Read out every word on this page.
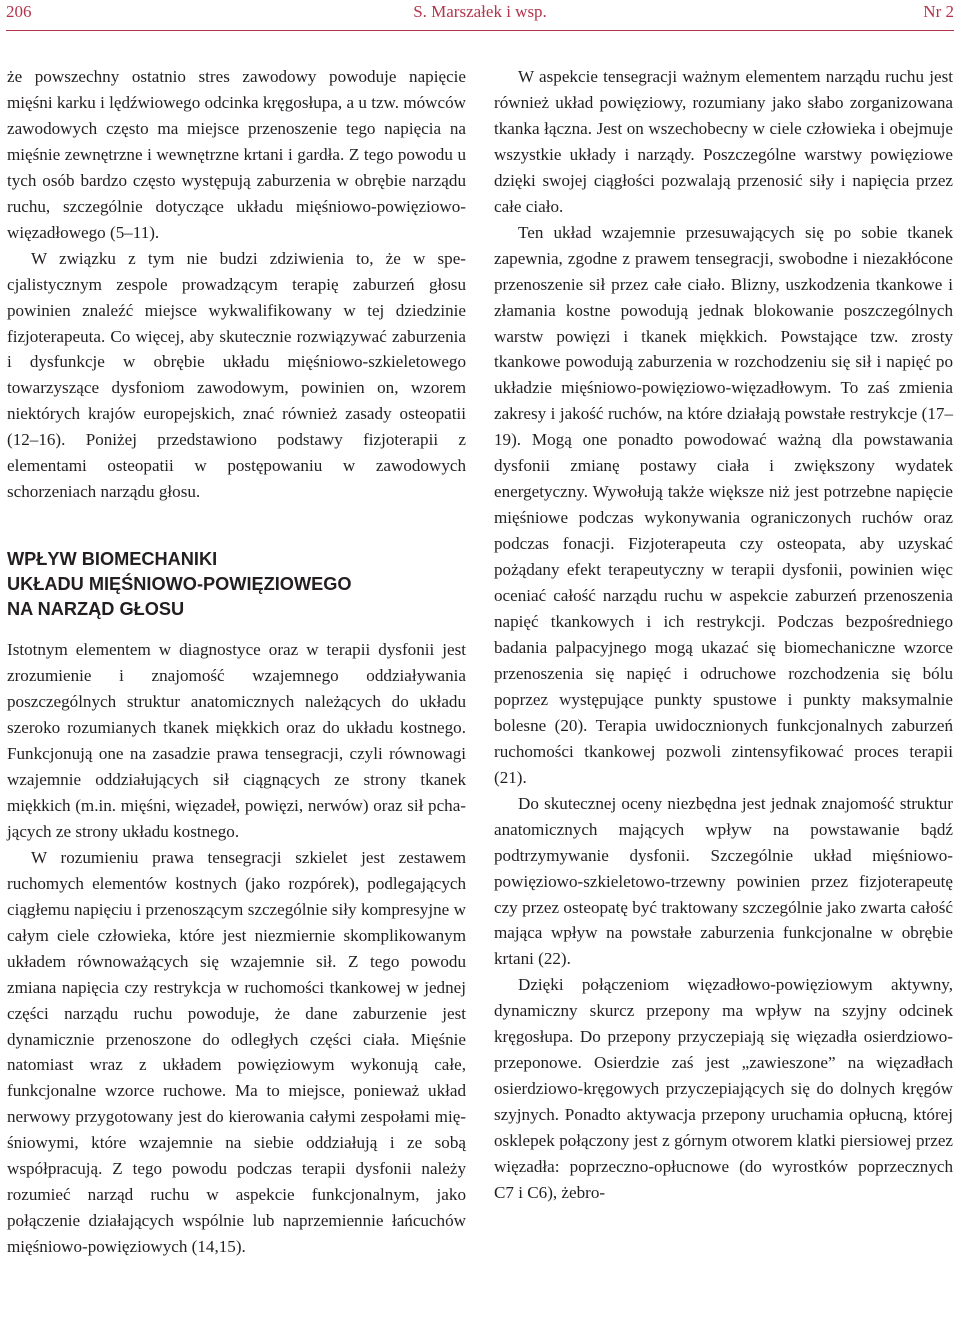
206	S. Marszałek i wsp.	Nr 2

że powszechny ostatnio stres zawodowy powoduje napięcie mięśni karku i lędźwiowego odcinka kręgosłupa, a u tzw. mówców zawodowych często ma miejsce przenoszenie tego napięcia na mięśnie zewnętrzne i wewnętrzne krtani i gardła. Z tego powodu u tych osób bardzo często występują zaburzenia w obrębie narządu ruchu, szczególnie dotyczące układu mięśniowo-powięziowo-więzadłowego (5–11).

W związku z tym nie budzi zdziwienia to, że w specjalistycznym zespole prowadzącym terapię zaburzeń głosu powinien znaleźć miejsce wykwalifikowany w tej dziedzinie fizjoterapeuta. Co więcej, aby skutecznie rozwiązywać zaburzenia i dysfunkcje w obrębie układu mięśniowo-szkieletowego towarzyszące dysfoniom zawodowym, powinien on, wzorem niektórych krajów europejskich, znać również zasady osteopatii (12–16). Poniżej przedstawiono podstawy fizjoterapii z elementami osteopatii w postępowaniu w zawodowych schorzeniach narządu głosu.

WPŁYW BIOMECHANIKI
UKŁADU MIĘŚNIOWO-POWIĘZIOWEGO
NA NARZĄD GŁOSU

Istotnym elementem w diagnostyce oraz w terapii dysfonii jest zrozumienie i znajomość wzajemnego oddziaływania poszczególnych struktur anatomicznych należących do układu szeroko rozumianych tkanek miękkich oraz do układu kostnego. Funkcjonują one na zasadzie prawa tensegracji, czyli równowagi wzajemnie oddziałujących sił ciągnących ze strony tkanek miękkich (m.in. mięśni, więzadeł, powięzi, nerwów) oraz sił pchających ze strony układu kostnego.

W rozumieniu prawa tensegracji szkielet jest zestawem ruchomych elementów kostnych (jako rozpórek), podlegających ciągłemu napięciu i przenoszącym szczególnie siły kompresyjne w całym ciele człowieka, które jest niezmiernie skomplikowanym układem równoważących się wzajemnie sił. Z tego powodu zmiana napięcia czy restrykcja w ruchomości tkankowej w jednej części narządu ruchu powoduje, że dane zaburzenie jest dynamicznie przenoszone do odległych części ciała. Mięśnie natomiast wraz z układem powięziowym wykonują całe, funkcjonalne wzorce ruchowe. Ma to miejsce, ponieważ układ nerwowy przygotowany jest do kierowania całymi zespołami mięśniowymi, które wzajemnie na siebie oddziałują i ze sobą współpracują. Z tego powodu podczas terapii dysfonii należy rozumieć narząd ruchu w aspekcie funkcjonalnym, jako połączenie działających wspólnie lub naprzemiennie łańcuchów mięśniowo-powięziowych (14,15).

W aspekcie tensegracji ważnym elementem narządu ruchu jest również układ powięziowy, rozumiany jako słabo zorganizowana tkanka łączna. Jest on wszechobecny w ciele człowieka i obejmuje wszystkie układy i narządy. Poszczególne warstwy powięziowe dzięki swojej ciągłości pozwalają przenosić siły i napięcia przez całe ciało.

Ten układ wzajemnie przesuwających się po sobie tkanek zapewnia, zgodne z prawem tensegracji, swobodne i niezakłócone przenoszenie sił przez całe ciało. Blizny, uszkodzenia tkankowe i złamania kostne powodują jednak blokowanie poszczególnych warstw powięzi i tkanek miękkich. Powstające tzw. zrosty tkankowe powodują zaburzenia w rozchodzeniu się sił i napięć po układzie mięśniowo-powięziowo-więzadłowym. To zaś zmienia zakresy i jakość ruchów, na które działają powstałe restrykcje (17–19). Mogą one ponadto powodować ważną dla powstawania dysfonii zmianę postawy ciała i zwiększony wydatek energetyczny. Wywołują także większe niż jest potrzebne napięcie mięśniowe podczas wykonywania ograniczonych ruchów oraz podczas fonacji. Fizjoterapeuta czy osteopata, aby uzyskać pożądany efekt terapeutyczny w terapii dysfonii, powinien więc oceniać całość narządu ruchu w aspekcie zaburzeń przenoszenia napięć tkankowych i ich restrykcji. Podczas bezpośredniego badania palpacyjnego mogą ukazać się biomechaniczne wzorce przenoszenia się napięć i odruchowe rozchodzenia się bólu poprzez występujące punkty spustowe i punkty maksymalnie bolesne (20). Terapia uwidocznionych funkcjonalnych zaburzeń ruchomości tkankowej pozwoli zintensyfikować proces terapii (21).

Do skutecznej oceny niezbędna jest jednak znajomość struktur anatomicznych mających wpływ na powstawanie bądź podtrzymywanie dysfonii. Szczególnie układ mięśniowo-powięziowo-szkieletowo-trzewny powinien przez fizjoterapeutę czy przez osteopatę być traktowany szczególnie jako zwarta całość mająca wpływ na powstałe zaburzenia funkcjonalne w obrębie krtani (22).

Dzięki połączeniom więzadłowo-powięziowym aktywny, dynamiczny skurcz przepony ma wpływ na szyjny odcinek kręgosłupa. Do przepony przyczepiają się więzadła osierdziowo-przeponowe. Osierdzie zaś jest „zawieszone” na więzadłach osierdziowo-kręgowych przyczepiających się do dolnych kręgów szyjnych. Ponadto aktywacja przepony uruchamia opłucną, której osklepek połączony jest z górnym otworem klatki piersiowej przez więzadła: poprzeczno-opłucnowe (do wyrostków poprzecznych C7 i C6), żebro-
